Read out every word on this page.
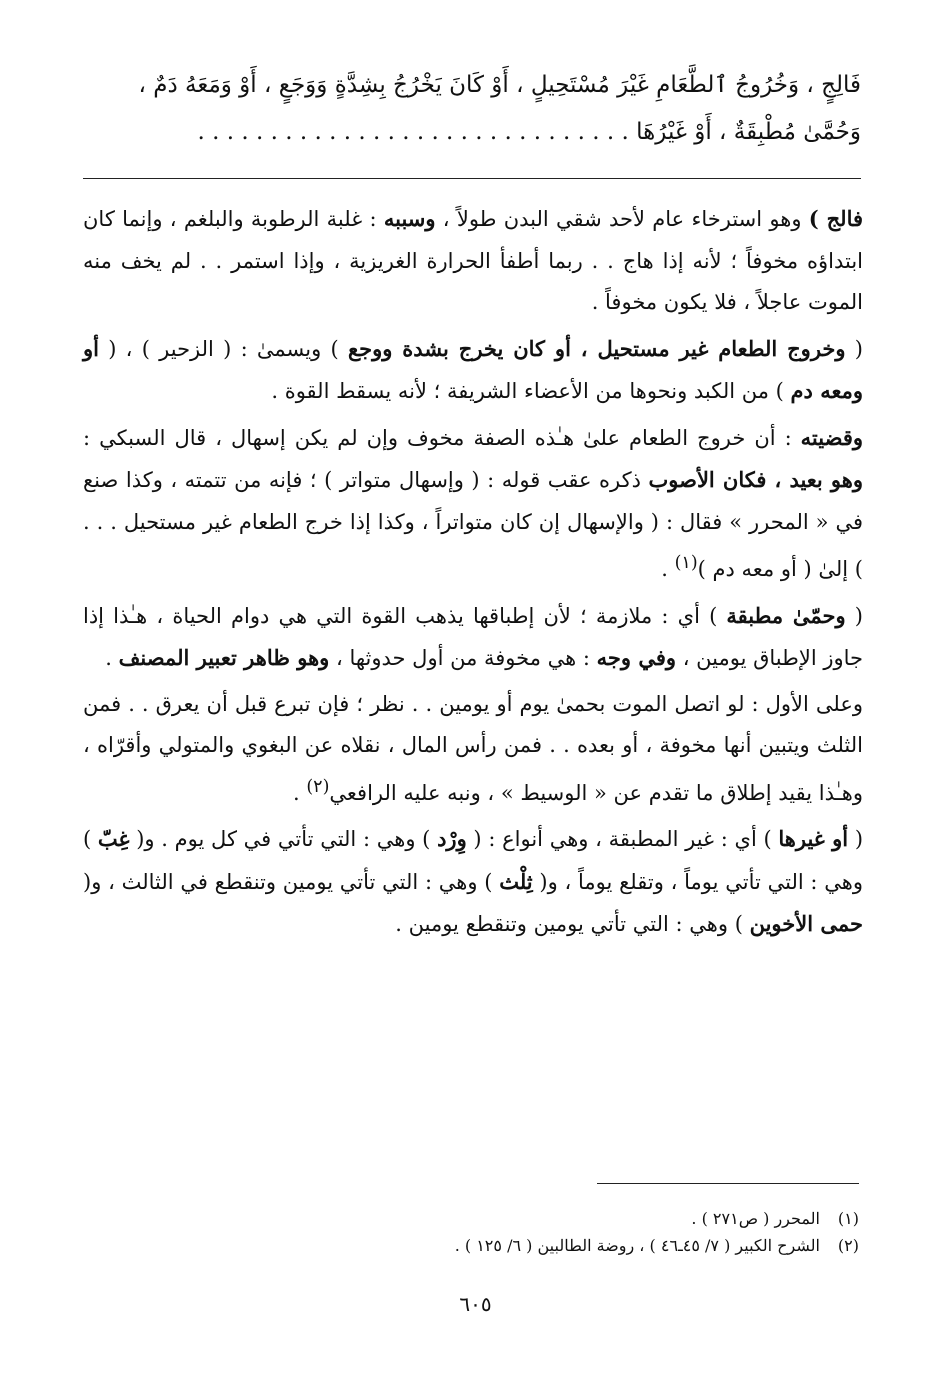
فَالِجٍ ، وَخُرُوجُ ٱلطَّعَامِ غَيْرَ مُسْتَحِيلٍ ، أَوْ كَانَ يَخْرُجُ بِشِدَّةٍ وَوَجَعٍ ، أَوْ وَمَعَهُ دَمٌ ،

وَحُمَّىٰ مُطْبِقَةٌ ، أَوْ غَيْرُهَا . . . . . . . . . . . . . . . . . . . . . . . . . . . . . .

فالج ) وهو استرخاء عام لأحد شقي البدن طولاً ، وسببه : غلبة الرطوبة والبلغم ، وإنما كان ابتداؤه مخوفاً ؛ لأنه إذا هاج . . ربما أطفأ الحرارة الغريزية ، وإذا استمر . . لم يخف منه الموت عاجلاً ، فلا يكون مخوفاً .

( وخروج الطعام غير مستحيل ، أو كان يخرج بشدة ووجع ) ويسمىٰ : ( الزحير ) ، ( أو ومعه دم ) من الكبد ونحوها من الأعضاء الشريفة ؛ لأنه يسقط القوة .

وقضيته : أن خروج الطعام علىٰ هـٰذه الصفة مخوف وإن لم يكن إسهال ، قال السبكي : وهو بعيد ، فكان الأصوب ذكره عقب قوله : ( وإسهال متواتر ) ؛ فإنه من تتمته ، وكذا صنع في « المحرر » فقال : ( والإسهال إن كان متواتراً ، وكذا إذا خرج الطعام غير مستحيل . . . ) إلىٰ ( أو معه دم )$^{(١)}$ .

( وحمّىٰ مطبقة ) أي : ملازمة ؛ لأن إطباقها يذهب القوة التي هي دوام الحياة ، هـٰذا إذا جاوز الإطباق يومين ، وفي وجه : هي مخوفة من أول حدوثها ، وهو ظاهر تعبير المصنف .

وعلى الأول : لو اتصل الموت بحمىٰ يوم أو يومين . . نظر ؛ فإن تبرع قبل أن يعرق . . فمن الثلث ويتبين أنها مخوفة ، أو بعده . . فمن رأس المال ، نقلاه عن البغوي والمتولي وأقرّاه ، وهـٰذا يقيد إطلاق ما تقدم عن « الوسيط » ، ونبه عليه الرافعي$^{(٢)}$ .

( أو غيرها ) أي : غير المطبقة ، وهي أنواع : ( وِرْد ) وهي : التي تأتي في كل يوم . و( غِبّ ) وهي : التي تأتي يوماً ، وتقلع يوماً ، و( ثِلْث ) وهي : التي تأتي يومين وتنقطع في الثالث ، و( حمى الأخوين ) وهي : التي تأتي يومين وتنقطع يومين .

(١)
المحرر ( ص٢٧١ ) .
(٢)
الشرح الكبير ( ٧/ ٤٥ـ٤٦ ) ، روضة الطالبين ( ٦/ ١٢٥ ) .
٦٠٥
